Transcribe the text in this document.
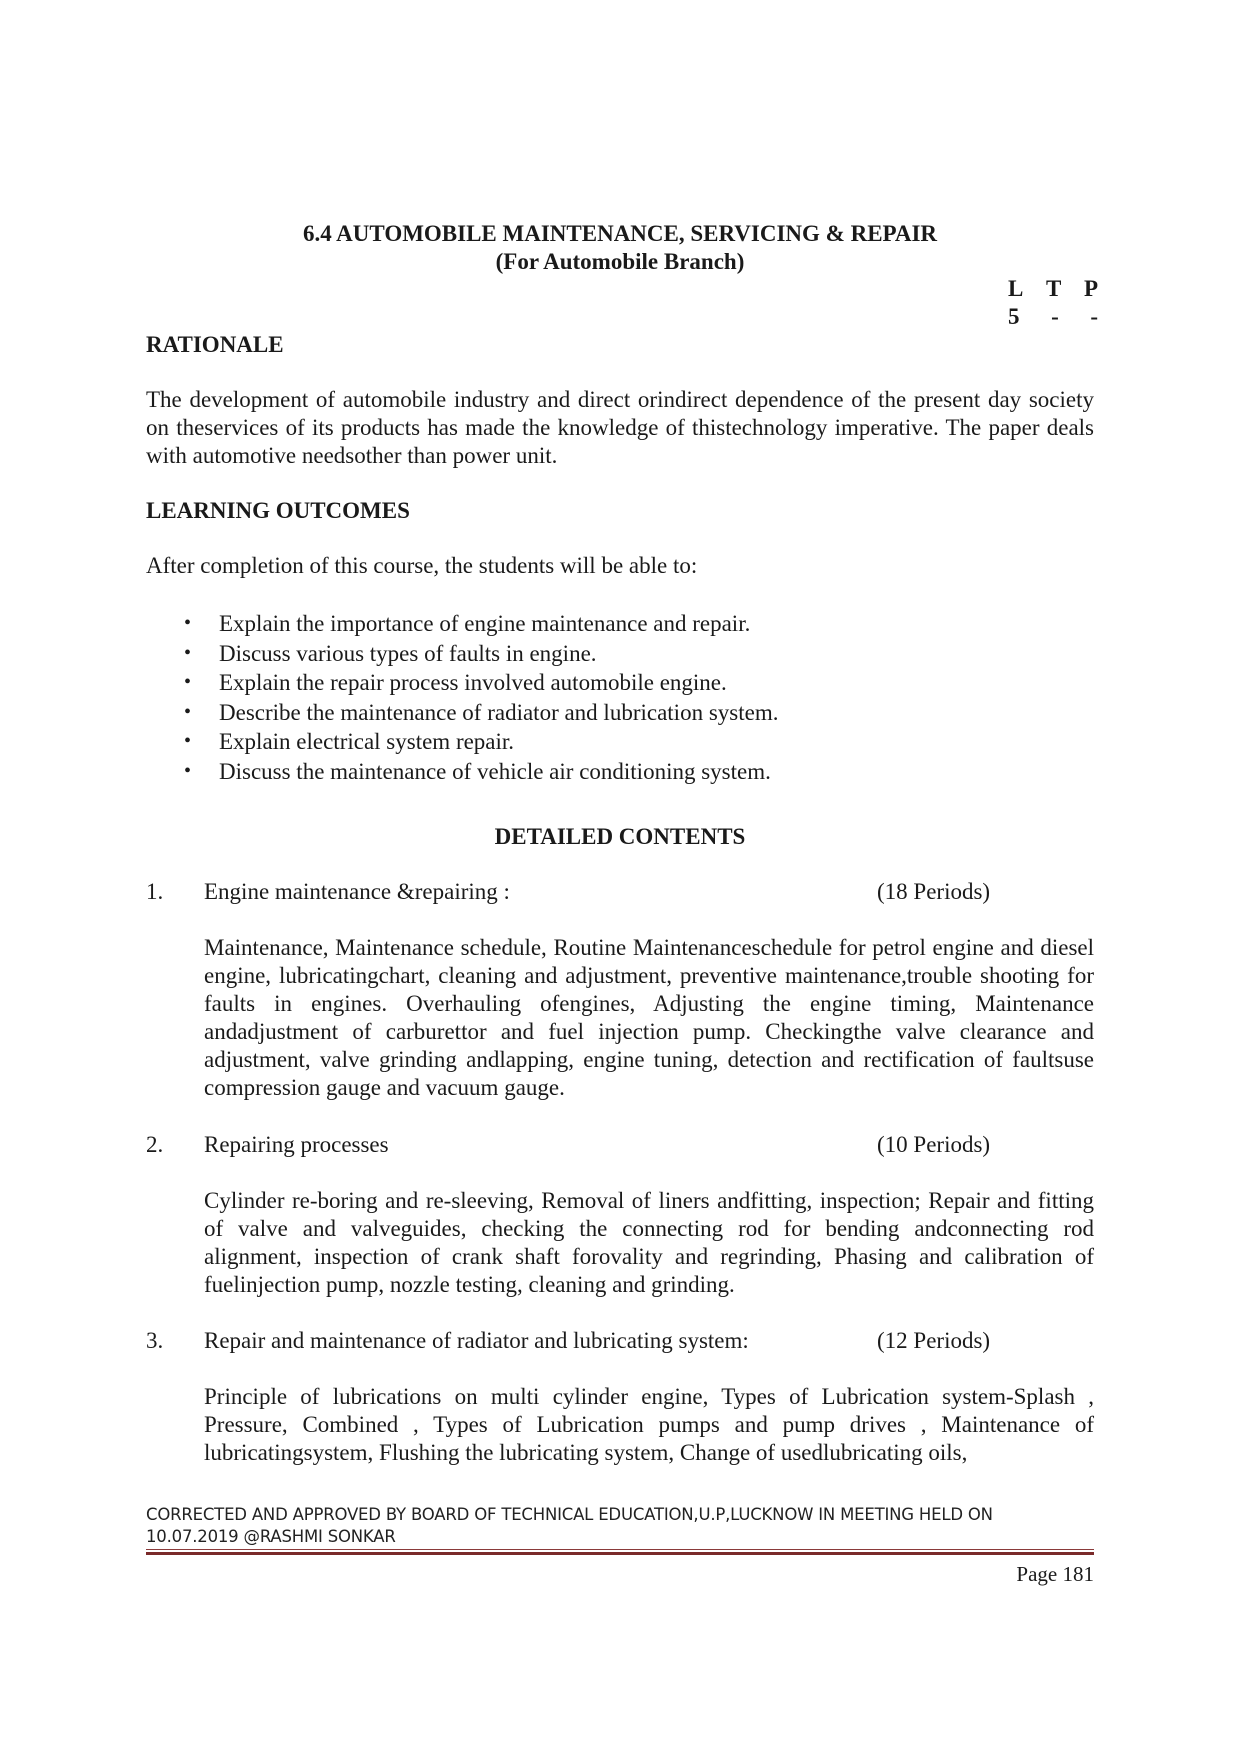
6.4 AUTOMOBILE MAINTENANCE, SERVICING & REPAIR
(For Automobile Branch)
L T P
5 - -
RATIONALE

The development of automobile industry and direct orindirect dependence of the present day society on theservices of its products has made the knowledge of thistechnology imperative. The paper deals with automotive needsother than power unit.

LEARNING OUTCOMES

After completion of this course, the students will be able to:

• Explain the importance of engine maintenance and repair.
• Discuss various types of faults in engine.
• Explain the repair process involved automobile engine.
• Describe the maintenance of radiator and lubrication system.
• Explain electrical system repair.
• Discuss the maintenance of vehicle air conditioning system.
DETAILED CONTENTS
1. Engine maintenance &repairing :	(18 Periods)

Maintenance, Maintenance schedule, Routine Maintenanceschedule for petrol engine and diesel engine, lubricatingchart, cleaning and adjustment, preventive maintenance,trouble shooting for faults in engines. Overhauling ofengines, Adjusting the engine timing, Maintenance andadjustment of carburettor and fuel injection pump. Checkingthe valve clearance and adjustment, valve grinding andlapping, engine tuning, detection and rectification of faultsuse compression gauge and vacuum gauge.

2. Repairing processes	(10 Periods)

Cylinder re-boring and re-sleeving, Removal of liners andfitting, inspection; Repair and fitting of valve and valveguides, checking the connecting rod for bending andconnecting rod alignment, inspection of crank shaft forovality and regrinding, Phasing and calibration of fuelinjection pump, nozzle testing, cleaning and grinding.

3. Repair and maintenance of radiator and lubricating system:	(12 Periods)

Principle of lubrications on multi cylinder engine, Types of Lubrication system-Splash , Pressure, Combined , Types of Lubrication pumps and pump drives , Maintenance of lubricatingsystem, Flushing the lubricating system, Change of usedlubricating oils,

CORRECTED AND APPROVED BY BOARD OF TECHNICAL EDUCATION,U.P,LUCKNOW IN MEETING HELD ON
10.07.2019 @RASHMI SONKAR
Page 181
